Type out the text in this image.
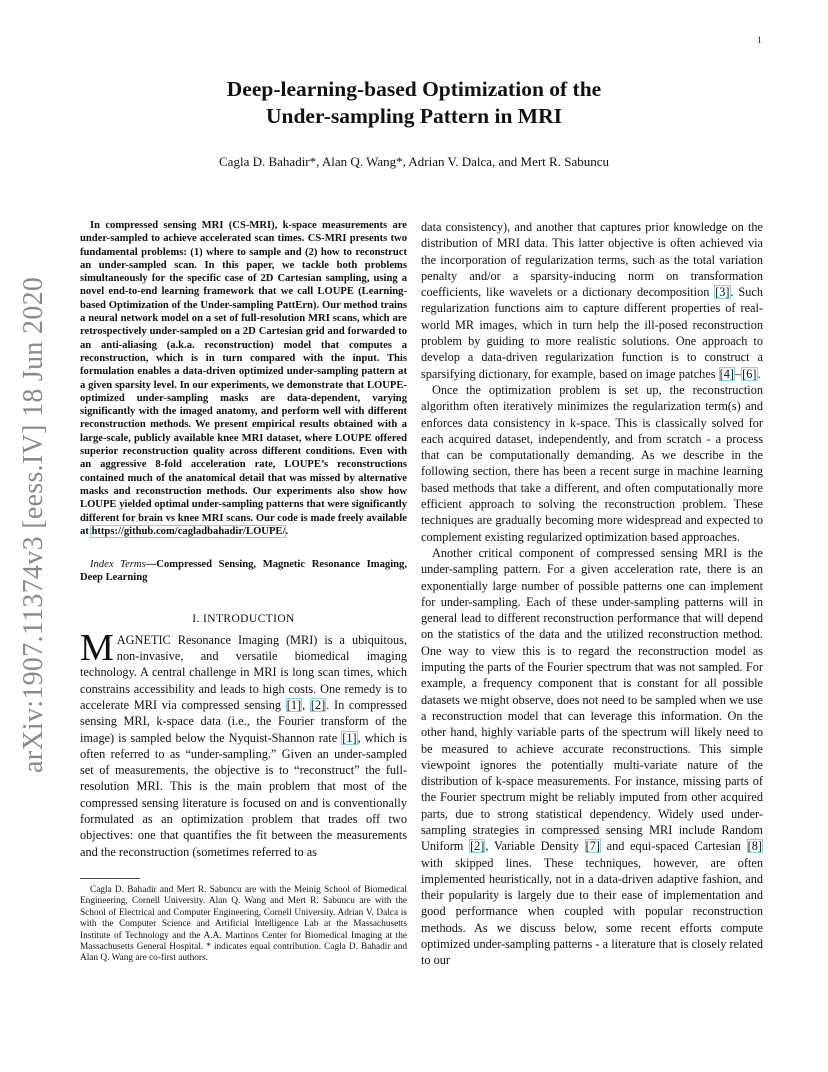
1
arXiv:1907.11374v3 [eess.IV] 18 Jun 2020
Deep-learning-based Optimization of the
Under-sampling Pattern in MRI

Cagla D. Bahadir*, Alan Q. Wang*, Adrian V. Dalca, and Mert R. Sabuncu

In compressed sensing MRI (CS-MRI), k-space measurements are under-sampled to achieve accelerated scan times. CS-MRI presents two fundamental problems: (1) where to sample and (2) how to reconstruct an under-sampled scan. In this paper, we tackle both problems simultaneously for the specific case of 2D Cartesian sampling, using a novel end-to-end learning framework that we call LOUPE (Learning-based Optimization of the Under-sampling PattErn). Our method trains a neural network model on a set of full-resolution MRI scans, which are retrospectively under-sampled on a 2D Cartesian grid and forwarded to an anti-aliasing (a.k.a. reconstruction) model that computes a reconstruction, which is in turn compared with the input. This formulation enables a data-driven optimized under-sampling pattern at a given sparsity level. In our experiments, we demonstrate that LOUPE-optimized under-sampling masks are data-dependent, varying significantly with the imaged anatomy, and perform well with different reconstruction methods. We present empirical results obtained with a large-scale, publicly available knee MRI dataset, where LOUPE offered superior reconstruction quality across different conditions. Even with an aggressive 8-fold acceleration rate, LOUPE’s reconstructions contained much of the anatomical detail that was missed by alternative masks and reconstruction methods. Our experiments also show how LOUPE yielded optimal under-sampling patterns that were significantly different for brain vs knee MRI scans. Our code is made freely available at https://github.com/cagladbahadir/LOUPE/.

Index Terms—Compressed Sensing, Magnetic Resonance Imaging, Deep Learning

I. INTRODUCTION

MAGNETIC Resonance Imaging (MRI) is a ubiquitous, non-invasive, and versatile biomedical imaging technology. A central challenge in MRI is long scan times, which constrains accessibility and leads to high costs. One remedy is to accelerate MRI via compressed sensing [1], [2]. In compressed sensing MRI, k-space data (i.e., the Fourier transform of the image) is sampled below the Nyquist-Shannon rate [1], which is often referred to as “under-sampling.” Given an under-sampled set of measurements, the objective is to “reconstruct” the full-resolution MRI. This is the main problem that most of the compressed sensing literature is focused on and is conventionally formulated as an optimization problem that trades off two objectives: one that quantifies the fit between the measurements and the reconstruction (sometimes referred to as

Cagla D. Bahadir and Mert R. Sabuncu are with the Meinig School of Biomedical Engineering, Cornell University. Alan Q. Wang and Mert R. Sabuncu are with the School of Electrical and Computer Engineering, Cornell University. Adrian V. Dalca is with the Computer Science and Artificial Intelligence Lab at the Massachusetts Institute of Technology and the A.A. Martinos Center for Biomedical Imaging at the Massachusetts General Hospital. * indicates equal contribution. Cagla D. Bahadir and Alan Q. Wang are co-first authors.

data consistency), and another that captures prior knowledge on the distribution of MRI data. This latter objective is often achieved via the incorporation of regularization terms, such as the total variation penalty and/or a sparsity-inducing norm on transformation coefficients, like wavelets or a dictionary decomposition [3]. Such regularization functions aim to capture different properties of real-world MR images, which in turn help the ill-posed reconstruction problem by guiding to more realistic solutions. One approach to develop a data-driven regularization function is to construct a sparsifying dictionary, for example, based on image patches [4]–[6].

Once the optimization problem is set up, the reconstruction algorithm often iteratively minimizes the regularization term(s) and enforces data consistency in k-space. This is classically solved for each acquired dataset, independently, and from scratch - a process that can be computationally demanding. As we describe in the following section, there has been a recent surge in machine learning based methods that take a different, and often computationally more efficient approach to solving the reconstruction problem. These techniques are gradually becoming more widespread and expected to complement existing regularized optimization based approaches.

Another critical component of compressed sensing MRI is the under-sampling pattern. For a given acceleration rate, there is an exponentially large number of possible patterns one can implement for under-sampling. Each of these under-sampling patterns will in general lead to different reconstruction performance that will depend on the statistics of the data and the utilized reconstruction method. One way to view this is to regard the reconstruction model as imputing the parts of the Fourier spectrum that was not sampled. For example, a frequency component that is constant for all possible datasets we might observe, does not need to be sampled when we use a reconstruction model that can leverage this information. On the other hand, highly variable parts of the spectrum will likely need to be measured to achieve accurate reconstructions. This simple viewpoint ignores the potentially multi-variate nature of the distribution of k-space measurements. For instance, missing parts of the Fourier spectrum might be reliably imputed from other acquired parts, due to strong statistical dependency. Widely used under-sampling strategies in compressed sensing MRI include Random Uniform [2], Variable Density [7] and equi-spaced Cartesian [8] with skipped lines. These techniques, however, are often implemented heuristically, not in a data-driven adaptive fashion, and their popularity is largely due to their ease of implementation and good performance when coupled with popular reconstruction methods. As we discuss below, some recent efforts compute optimized under-sampling patterns - a literature that is closely related to our
